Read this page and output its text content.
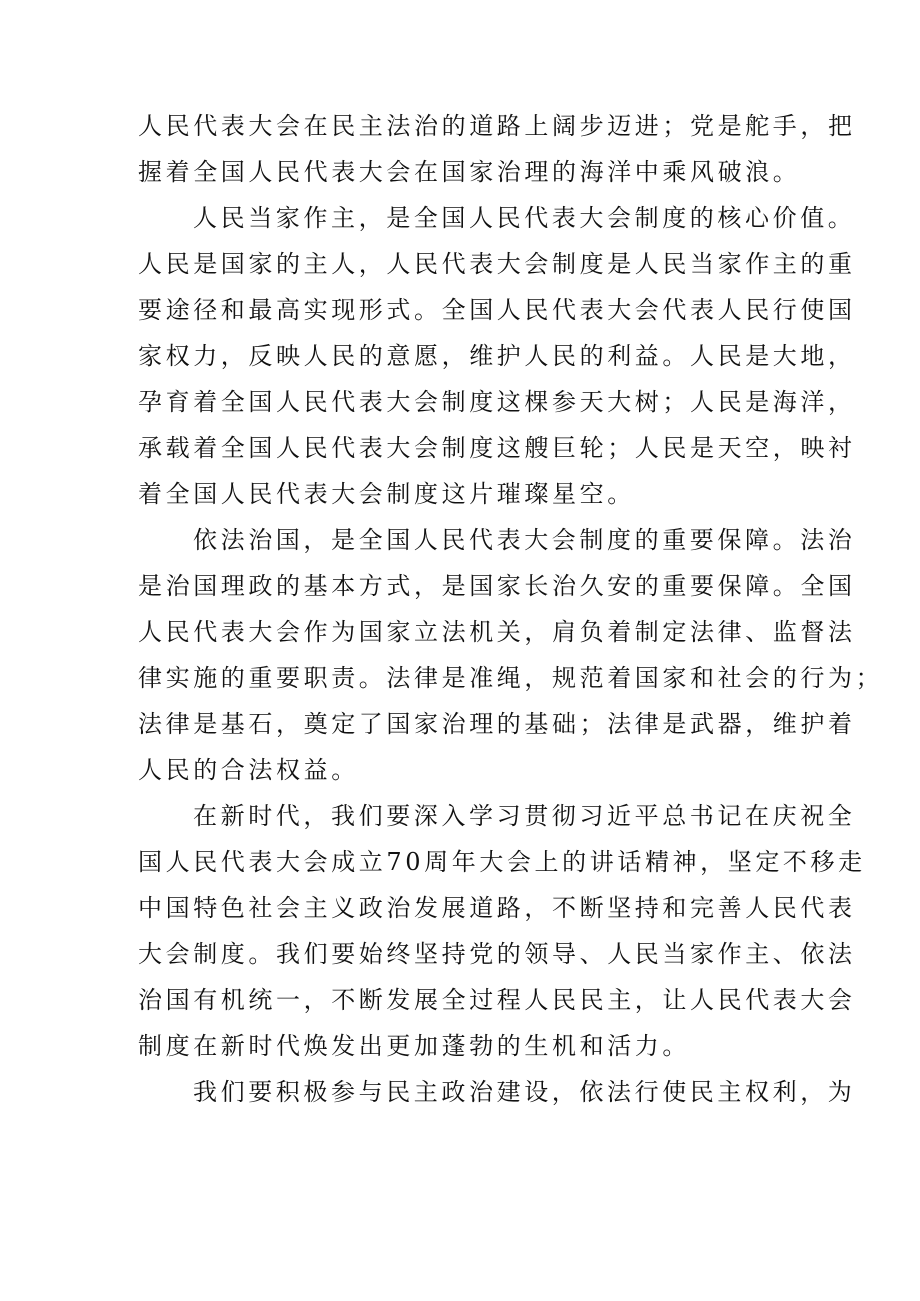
人民代表大会在民主法治的道路上阔步迈进；党是舵手，把
握着全国人民代表大会在国家治理的海洋中乘风破浪。
人民当家作主，是全国人民代表大会制度的核心价值。
人民是国家的主人，人民代表大会制度是人民当家作主的重
要途径和最高实现形式。全国人民代表大会代表人民行使国
家权力，反映人民的意愿，维护人民的利益。人民是大地，
孕育着全国人民代表大会制度这棵参天大树；人民是海洋，
承载着全国人民代表大会制度这艘巨轮；人民是天空，映衬
着全国人民代表大会制度这片璀璨星空。
依法治国，是全国人民代表大会制度的重要保障。法治
是治国理政的基本方式，是国家长治久安的重要保障。全国
人民代表大会作为国家立法机关，肩负着制定法律、监督法
律实施的重要职责。法律是准绳，规范着国家和社会的行为；
法律是基石，奠定了国家治理的基础；法律是武器，维护着
人民的合法权益。
在新时代，我们要深入学习贯彻习近平总书记在庆祝全
国人民代表大会成立70周年大会上的讲话精神，坚定不移走
中国特色社会主义政治发展道路，不断坚持和完善人民代表
大会制度。我们要始终坚持党的领导、人民当家作主、依法
治国有机统一，不断发展全过程人民民主，让人民代表大会
制度在新时代焕发出更加蓬勃的生机和活力。
我们要积极参与民主政治建设，依法行使民主权利，为
